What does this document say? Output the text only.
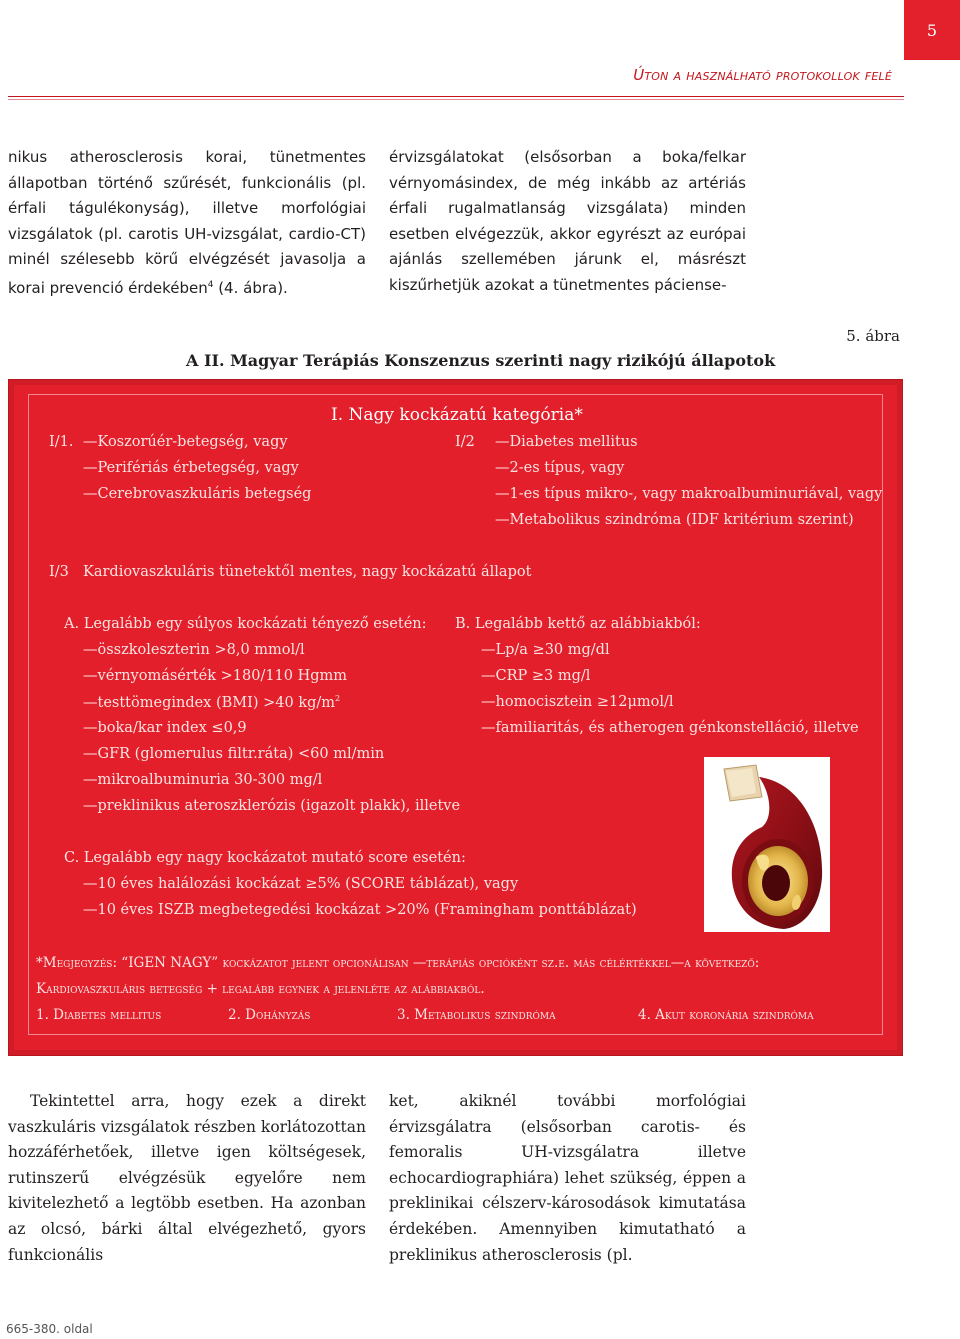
5
Úton a használható protokollok felé

nikus atherosclerosis korai, tünetmentes állapotban történő szűrését, funkcionális (pl. érfali tágulékonyság), illetve morfológiai vizsgálatok (pl. carotis UH-vizsgálat, cardio-CT) minél szélesebb körű elvégzését javasolja a korai prevenció érdekében$^4$ (4. ábra).

érvizsgálatokat (elsősorban a boka/felkar vérnyomásindex, de még inkább az artériás érfali rugalmatlanság vizsgálata) minden esetben elvégezzük, akkor egyrészt az európai ajánlás szellemében járunk el, másrészt kiszűrhetjük azokat a tünetmentes páciense-

5. ábra
A II. Magyar Terápiás Konszenzus szerinti nagy rizikójú állapotok
I. Nagy kockázatú kategória*
I/1. —Koszorúér-betegség, vagy
—Perifériás érbetegség, vagy
—Cerebrovaszkuláris betegség
I/2 —Diabetes mellitus
—2-es típus, vagy
—1-es típus mikro-, vagy makroalbuminuriával, vagy
—Metabolikus szindróma (IDF kritérium szerint)
I/3 Kardiovaszkuláris tünetektől mentes, nagy kockázatú állapot
A. Legalább egy súlyos kockázati tényező esetén:
—összkoleszterin >8,0 mmol/l
—vérnyomásérték >180/110 Hgmm
—testtömegindex (BMI) >40 $kg/m^2$
—boka/kar index ≤0,9
—GFR (glomerulus filtr.ráta) <60 ml/min
—mikroalbuminuria 30-300 mg/l
—preklinikus ateroszklerózis (igazolt plakk), illetve
B. Legalább kettő az alábbiakból:
—Lp/a ≥30 mg/dl
—CRP ≥3 mg/l
—homocisztein ≥12μmol/l
—familiaritás, és atherogen génkonstelláció, illetve
C. Legalább egy nagy kockázatot mutató score esetén:
—10 éves halálozási kockázat ≥5% (SCORE táblázat), vagy
—10 éves ISZB megbetegedési kockázat >20% (Framingham ponttáblázat)
*Megjegyzés: “IGEN NAGY” kockázatot jelent opcionálisan —terápiás opcióként sz.e. más célértékkel—a következő:
Kardiovaszkuláris betegség + legalább egynek a jelenléte az alábbiakból.
1. Diabetes mellitus	2. Dohányzás	3. Metabolikus szindróma	4. Akut koronária szindróma

Tekintettel arra, hogy ezek a direkt vaszkuláris vizsgálatok részben korlátozottan hozzáférhetőek, illetve igen költségesek, rutinszerű elvégzésük egyelőre nem kivitelezhető a legtöbb esetben. Ha azonban az olcsó, bárki által elvégezhető, gyors funkcionális

ket, akiknél további morfológiai érvizsgálatra (elsősorban carotis- és femoralis UH-vizsgálatra illetve echocardiographiára) lehet szükség, éppen a preklinikai célszerv-károsodások kimutatása érdekében. Amennyiben kimutatható a preklinikus atherosclerosis (pl.

665-380. oldal
